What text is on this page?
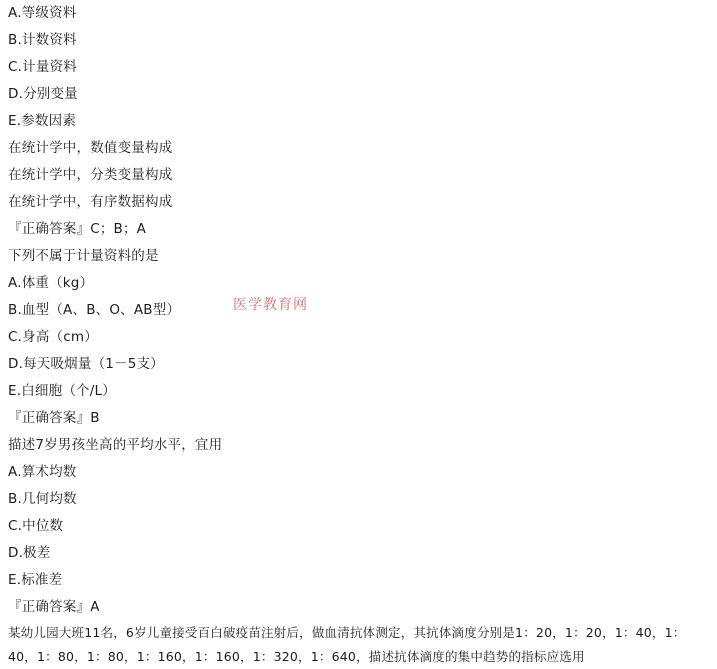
A.等级资料
B.计数资料
C.计量资料
D.分别变量
E.参数因素
在统计学中，数值变量构成
在统计学中，分类变量构成
在统计学中，有序数据构成
『正确答案』C；B；A
下列不属于计量资料的是
A.体重（kg）
B.血型（A、B、O、AB型）
C.身高（cm）
D.每天吸烟量（1－5支）
E.白细胞（个/L）
『正确答案』B
描述7岁男孩坐高的平均水平，宜用
A.算术均数
B.几何均数
C.中位数
D.极差
E.标准差
『正确答案』A
某幼儿园大班11名，6岁儿童接受百白破疫苗注射后，做血清抗体测定，其抗体滴度分别是1：20，1：20，1：40，1：40，1：80，1：80，1：160，1：160，1：320，1：640，描述抗体滴度的集中趋势的指标应选用
医学教育网
